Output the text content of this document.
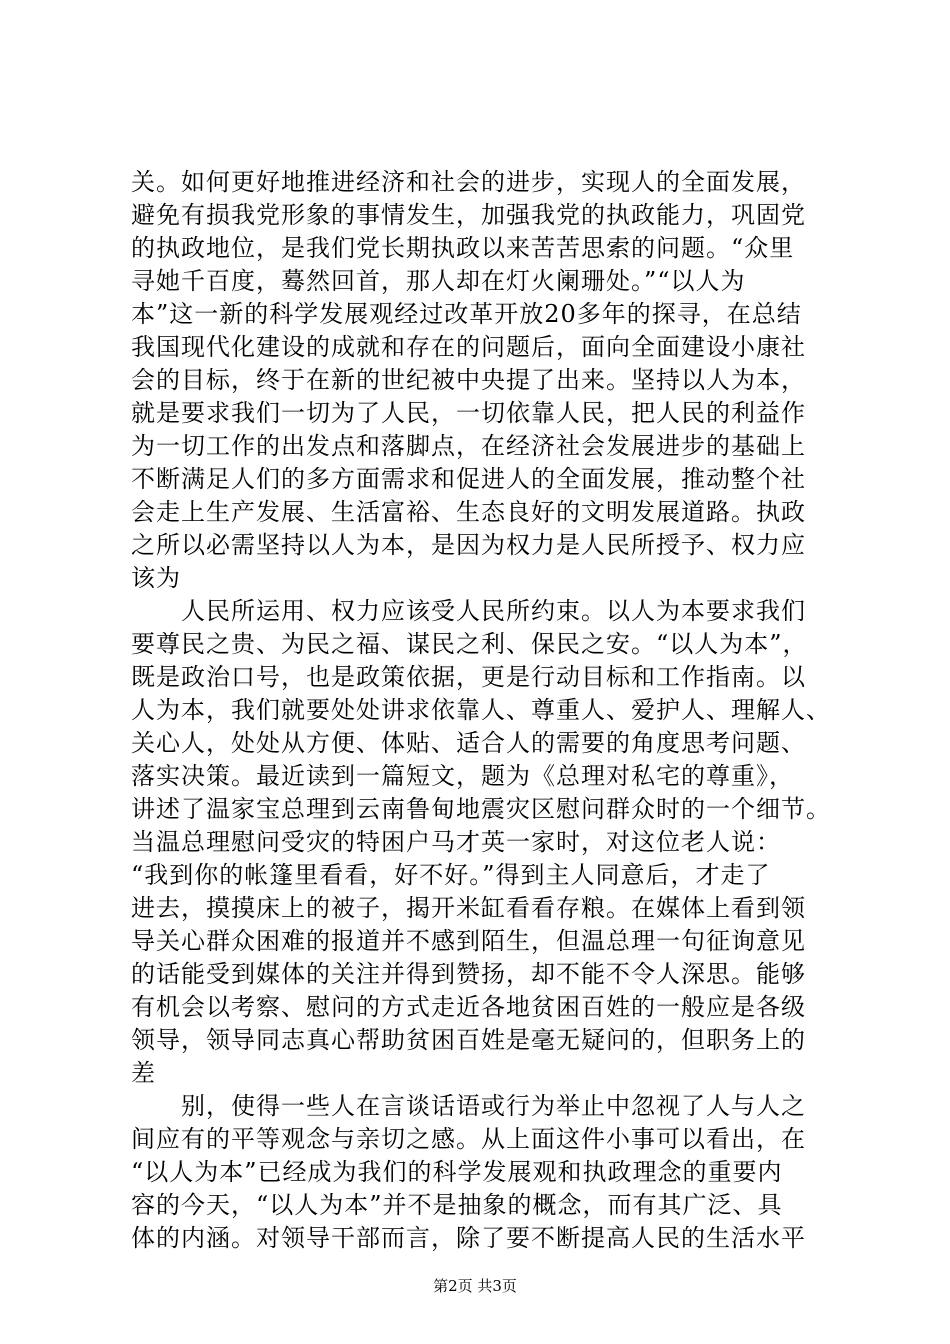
关。如何更好地推进经济和社会的进步，实现人的全面发展，
避免有损我党形象的事情发生，加强我党的执政能力，巩固党
的执政地位，是我们党长期执政以来苦苦思索的问题。“众里
寻她千百度，蓦然回首，那人却在灯火阑珊处。”“以人为
本”这一新的科学发展观经过改革开放20多年的探寻，在总结
我国现代化建设的成就和存在的问题后，面向全面建设小康社
会的目标，终于在新的世纪被中央提了出来。坚持以人为本，
就是要求我们一切为了人民，一切依靠人民，把人民的利益作
为一切工作的出发点和落脚点，在经济社会发展进步的基础上
不断满足人们的多方面需求和促进人的全面发展，推动整个社
会走上生产发展、生活富裕、生态良好的文明发展道路。执政
之所以必需坚持以人为本，是因为权力是人民所授予、权力应
该为
人民所运用、权力应该受人民所约束。以人为本要求我们
要尊民之贵、为民之福、谋民之利、保民之安。“以人为本”，
既是政治口号，也是政策依据，更是行动目标和工作指南。以
人为本，我们就要处处讲求依靠人、尊重人、爱护人、理解人、
关心人，处处从方便、体贴、适合人的需要的角度思考问题、
落实决策。最近读到一篇短文，题为《总理对私宅的尊重》，
讲述了温家宝总理到云南鲁甸地震灾区慰问群众时的一个细节。
当温总理慰问受灾的特困户马才英一家时，对这位老人说：
“我到你的帐篷里看看，好不好。”得到主人同意后，才走了
进去，摸摸床上的被子，揭开米缸看看存粮。在媒体上看到领
导关心群众困难的报道并不感到陌生，但温总理一句征询意见
的话能受到媒体的关注并得到赞扬，却不能不令人深思。能够
有机会以考察、慰问的方式走近各地贫困百姓的一般应是各级
领导，领导同志真心帮助贫困百姓是毫无疑问的，但职务上的
差
别，使得一些人在言谈话语或行为举止中忽视了人与人之
间应有的平等观念与亲切之感。从上面这件小事可以看出，在
“以人为本”已经成为我们的科学发展观和执政理念的重要内
容的今天，“以人为本”并不是抽象的概念，而有其广泛、具
体的内涵。对领导干部而言，除了要不断提高人民的生活水平
第2页 共3页
